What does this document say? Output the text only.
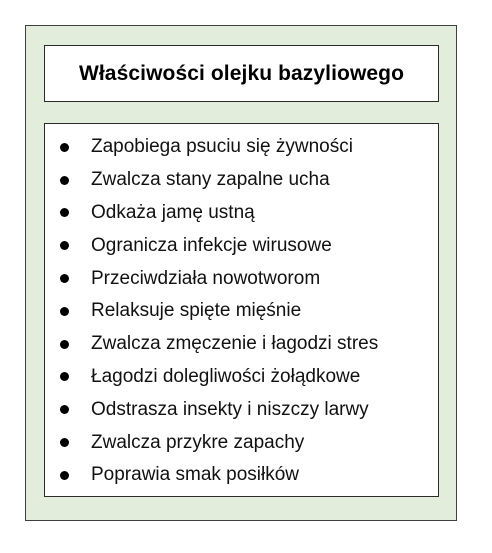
Właściwości olejku bazyliowego
Zapobiega psuciu się żywności
Zwalcza stany zapalne ucha
Odkaża jamę ustną
Ogranicza infekcje wirusowe
Przeciwdziała nowotworom
Relaksuje spięte mięśnie
Zwalcza zmęczenie i łagodzi stres
Łagodzi dolegliwości żołądkowe
Odstrasza insekty i niszczy larwy
Zwalcza przykre zapachy
Poprawia smak posiłków
